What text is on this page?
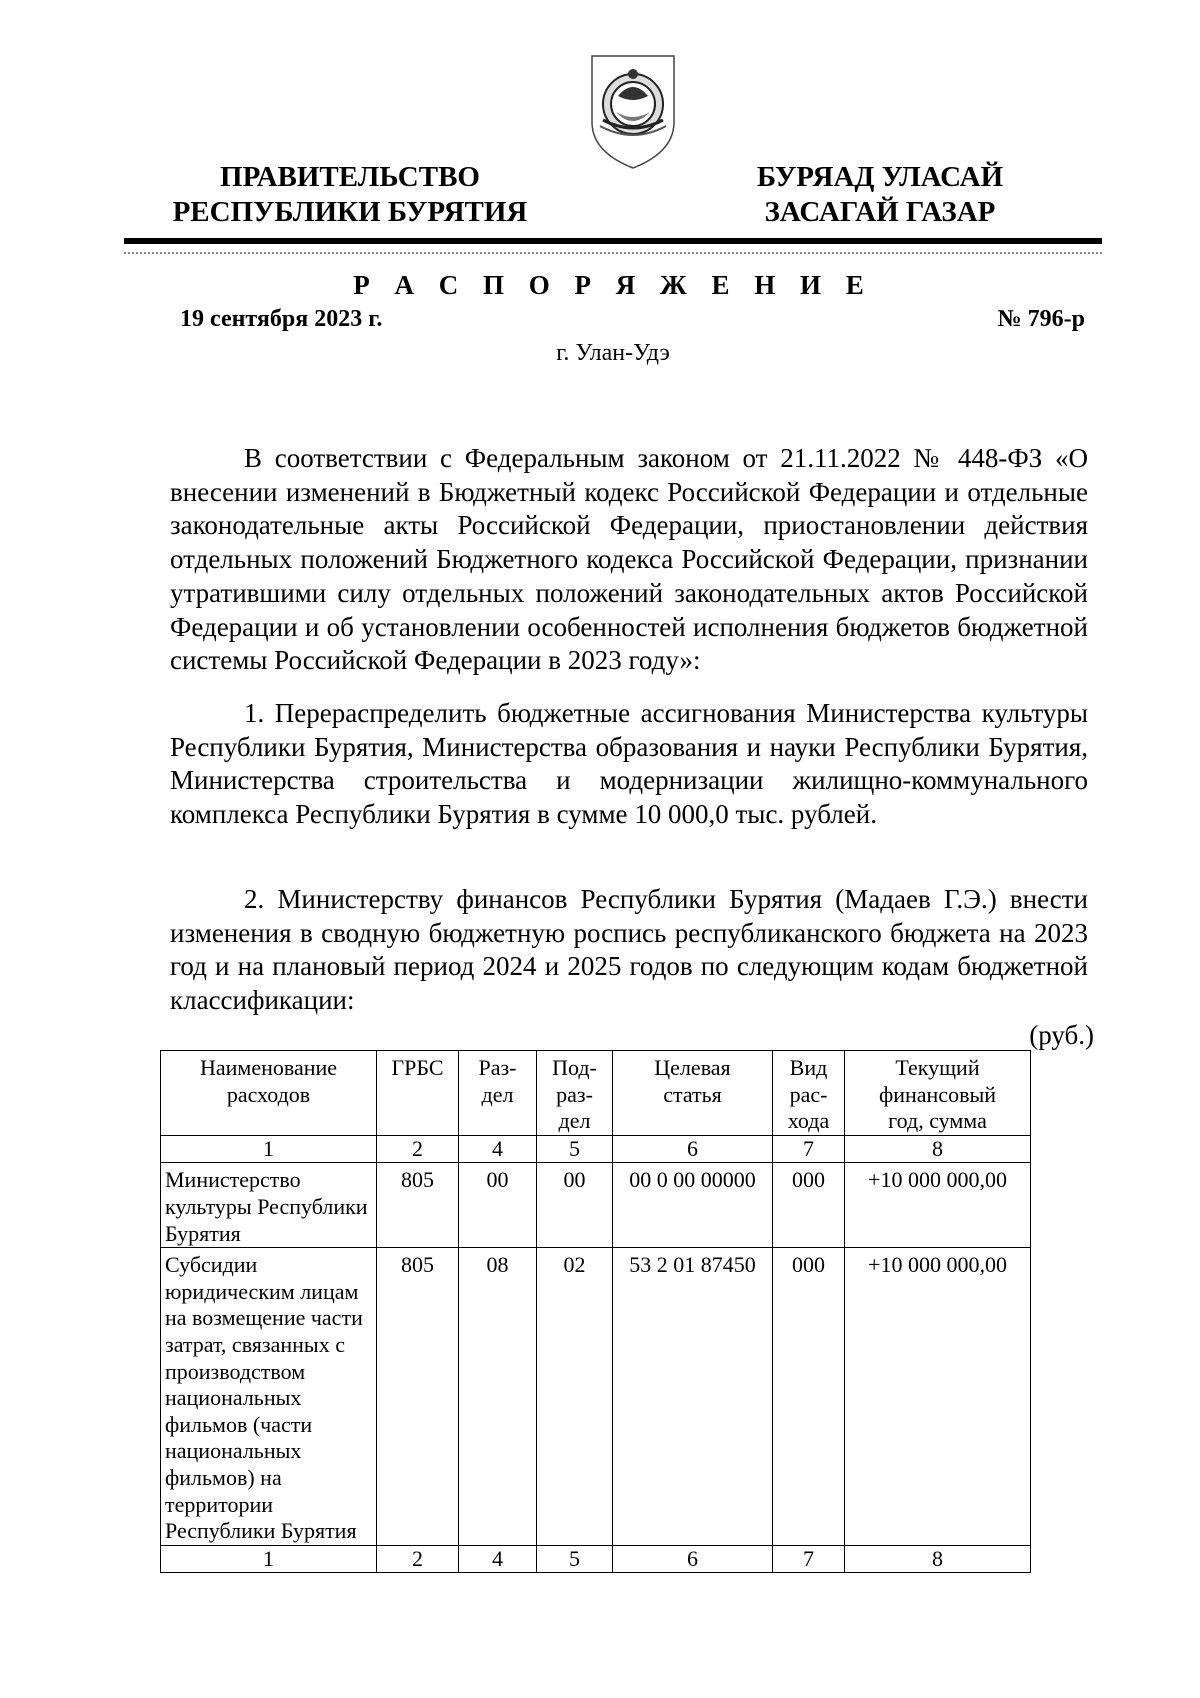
ПРАВИТЕЛЬСТВО
РЕСПУБЛИКИ БУРЯТИЯ
БУРЯАД УЛАСАЙ
ЗАСАГАЙ ГАЗАР
Р А С П О Р Я Ж Е Н И Е
19 сентября 2023 г.	№ 796-р
г. Улан-Удэ
В соответствии с Федеральным законом от 21.11.2022 № 448-ФЗ «О внесении изменений в Бюджетный кодекс Российской Федерации и отдельные законодательные акты Российской Федерации, приостановлении действия отдельных положений Бюджетного кодекса Российской Федерации, признании утратившими силу отдельных положений законодательных актов Российской Федерации и об установлении особенностей исполнения бюджетов бюджетной системы Российской Федерации в 2023 году»:
1. Перераспределить бюджетные ассигнования Министерства культуры Республики Бурятия, Министерства образования и науки Республики Бурятия, Министерства строительства и модернизации жилищно-коммунального комплекса Республики Бурятия в сумме 10 000,0 тыс. рублей.
2. Министерству финансов Республики Бурятия (Мадаев Г.Э.) внести изменения в сводную бюджетную роспись республиканского бюджета на 2023 год и на плановый период 2024 и 2025 годов по следующим кодам бюджетной классификации:
(руб.)
Наименование расходов	ГРБС	Раз-дел	Под-раз-дел	Целевая статья	Вид рас-хода	Текущий финансовый год, сумма
1	2	4	5	6	7	8
Министерство культуры Республики Бурятия	805	00	00	00 0 00 00000	000	+10 000 000,00
Субсидии юридическим лицам на возмещение части затрат, связанных с производством национальных фильмов (части национальных фильмов) на территории Республики Бурятия	805	08	02	53 2 01 87450	000	+10 000 000,00
1	2	4	5	6	7	8
